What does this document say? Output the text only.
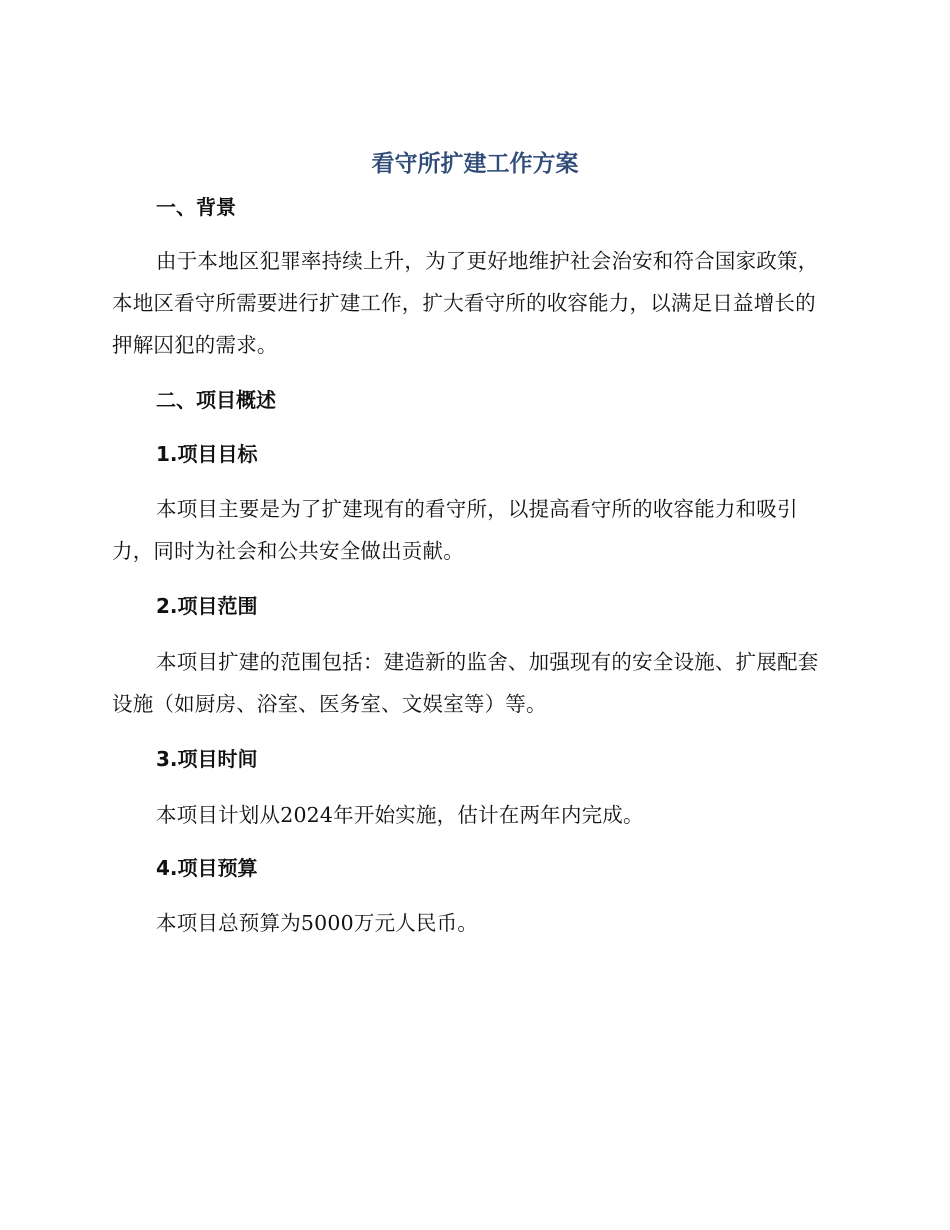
看守所扩建工作方案
一、背景

由于本地区犯罪率持续上升，为了更好地维护社会治安和符合国家政策，本地区看守所需要进行扩建工作，扩大看守所的收容能力，以满足日益增长的押解囚犯的需求。

二、项目概述
1.项目目标

本项目主要是为了扩建现有的看守所，以提高看守所的收容能力和吸引力，同时为社会和公共安全做出贡献。

2.项目范围

本项目扩建的范围包括：建造新的监舍、加强现有的安全设施、扩展配套设施（如厨房、浴室、医务室、文娱室等）等。

3.项目时间

本项目计划从2024年开始实施，估计在两年内完成。

4.项目预算

本项目总预算为5000万元人民币。
